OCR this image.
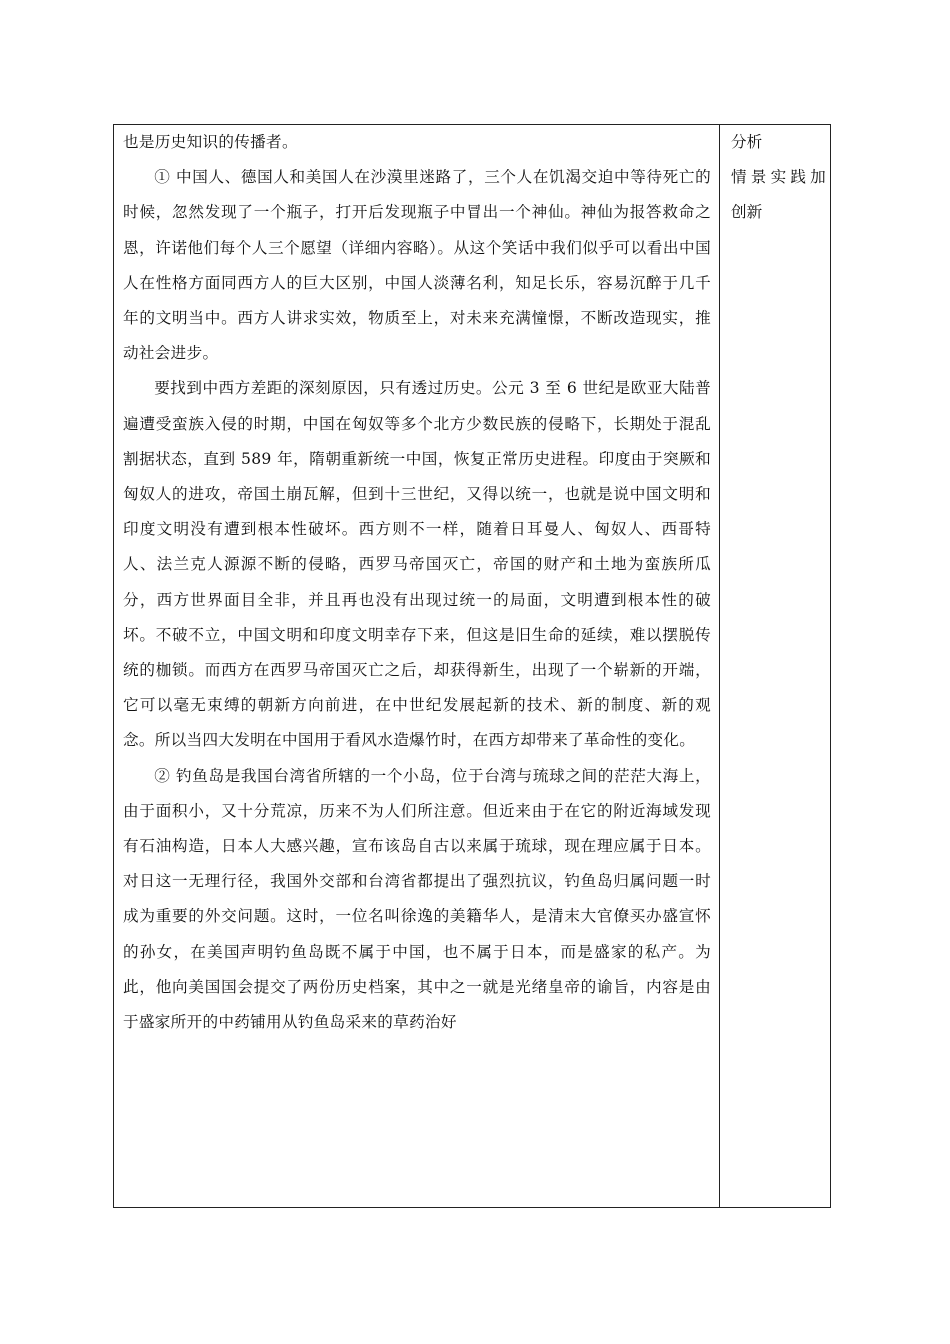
也是历史知识的传播者。

① 中国人、德国人和美国人在沙漠里迷路了，三个人在饥渴交迫中等待死亡的时候，忽然发现了一个瓶子，打开后发现瓶子中冒出一个神仙。神仙为报答救命之恩，许诺他们每个人三个愿望（详细内容略）。从这个笑话中我们似乎可以看出中国人在性格方面同西方人的巨大区别，中国人淡薄名利，知足长乐，容易沉醉于几千年的文明当中。西方人讲求实效，物质至上，对未来充满憧憬，不断改造现实，推动社会进步。

要找到中西方差距的深刻原因，只有透过历史。公元 3 至 6 世纪是欧亚大陆普遍遭受蛮族入侵的时期，中国在匈奴等多个北方少数民族的侵略下，长期处于混乱割据状态，直到 589 年，隋朝重新统一中国，恢复正常历史进程。印度由于突厥和匈奴人的进攻，帝国土崩瓦解，但到十三世纪，又得以统一，也就是说中国文明和印度文明没有遭到根本性破坏。西方则不一样，随着日耳曼人、匈奴人、西哥特人、法兰克人源源不断的侵略，西罗马帝国灭亡，帝国的财产和土地为蛮族所瓜分，西方世界面目全非，并且再也没有出现过统一的局面，文明遭到根本性的破坏。不破不立，中国文明和印度文明幸存下来，但这是旧生命的延续，难以摆脱传统的枷锁。而西方在西罗马帝国灭亡之后，却获得新生，出现了一个崭新的开端，它可以毫无束缚的朝新方向前进，在中世纪发展起新的技术、新的制度、新的观念。所以当四大发明在中国用于看风水造爆竹时，在西方却带来了革命性的变化。

② 钓鱼岛是我国台湾省所辖的一个小岛，位于台湾与琉球之间的茫茫大海上，由于面积小，又十分荒凉，历来不为人们所注意。但近来由于在它的附近海域发现有石油构造，日本人大感兴趣，宣布该岛自古以来属于琉球，现在理应属于日本。对日这一无理行径，我国外交部和台湾省都提出了强烈抗议，钓鱼岛归属问题一时成为重要的外交问题。这时，一位名叫徐逸的美籍华人，是清末大官僚买办盛宣怀的孙女，在美国声明钓鱼岛既不属于中国，也不属于日本，而是盛家的私产。为此，他向美国国会提交了两份历史档案，其中之一就是光绪皇帝的谕旨，内容是由于盛家所开的中药铺用从钓鱼岛采来的草药治好

分析

情景实践加

创新
